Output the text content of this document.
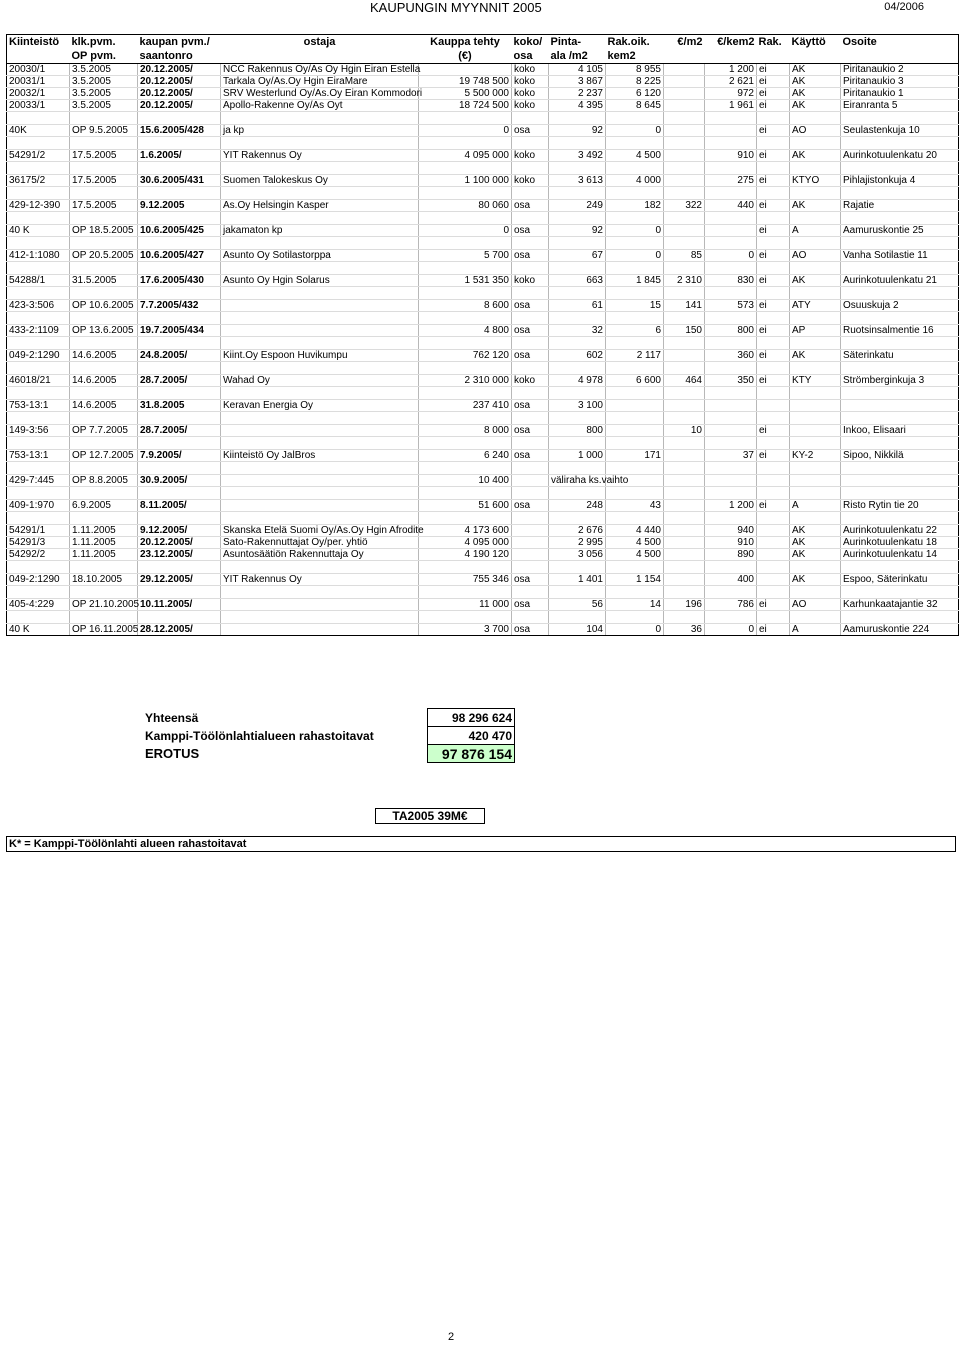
KAUPUNGIN MYYNNIT 2005	04/2006
Kiinteistö	klk.pvm.	kaupan pvm./	ostaja	Kauppa tehty	koko/	Pinta-	Rak.oik.	€/m2	€/kem2	Rak.	Käyttö	Osoite
	OP pvm.	saantonro		(€)	osa	ala /m2	kem2					
20030/1	3.5.2005	20.12.2005/	NCC Rakennus Oy/As Oy Hgin Eiran Estella		koko	4 105	8 955		1 200	ei	AK	Piritanaukio 2
20031/1	3.5.2005	20.12.2005/	Tarkala Oy/As.Oy Hgin EiraMare	19 748 500	koko	3 867	8 225		2 621	ei	AK	Piritanaukio 3
20032/1	3.5.2005	20.12.2005/	SRV Westerlund Oy/As.Oy Eiran Kommodori	5 500 000	koko	2 237	6 120		972	ei	AK	Piritanaukio 1
20033/1	3.5.2005	20.12.2005/	Apollo-Rakenne Oy/As Oyt	18 724 500	koko	4 395	8 645		1 961	ei	AK	Eiranranta 5

40K	OP 9.5.2005	15.6.2005/428	ja kp	0	osa	92	0			ei	AO	Seulastenkuja 10

54291/2	17.5.2005	1.6.2005/	YIT Rakennus Oy	4 095 000	koko	3 492	4 500		910	ei	AK	Aurinkotuulenkatu 20

36175/2	17.5.2005	30.6.2005/431	Suomen Talokeskus Oy	1 100 000	koko	3 613	4 000		275	ei	KTYO	Pihlajistonkuja 4

429-12-390	17.5.2005	9.12.2005	As.Oy Helsingin Kasper	80 060	osa	249	182	322	440	ei	AK	Rajatie

40 K	OP 18.5.2005	10.6.2005/425	jakamaton kp	0	osa	92	0			ei	A	Aamuruskontie 25

412-1:1080	OP 20.5.2005	10.6.2005/427	Asunto Oy Sotilastorppa	5 700	osa	67	0	85	0	ei	AO	Vanha Sotilastie 11

54288/1	31.5.2005	17.6.2005/430	Asunto Oy Hgin Solarus	1 531 350	koko	663	1 845	2 310	830	ei	AK	Aurinkotuulenkatu 21

423-3:506	OP 10.6.2005	7.7.2005/432		8 600	osa	61	15	141	573	ei	ATY	Osuuskuja 2

433-2:1109	OP 13.6.2005	19.7.2005/434		4 800	osa	32	6	150	800	ei	AP	Ruotsinsalmentie 16

049-2:1290	14.6.2005	24.8.2005/	Kiint.Oy Espoon Huvikumpu	762 120	osa	602	2 117		360	ei	AK	Säterinkatu

46018/21	14.6.2005	28.7.2005/	Wahad Oy	2 310 000	koko	4 978	6 600	464	350	ei	KTY	Strömberginkuja 3

753-13:1	14.6.2005	31.8.2005	Keravan Energia Oy	237 410	osa	3 100						

149-3:56	OP 7.7.2005	28.7.2005/		8 000	osa	800		10		ei		Inkoo, Elisaari

753-13:1	OP 12.7.2005	7.9.2005/	Kiinteistö Oy JalBros	6 240	osa	1 000	171		37	ei	KY-2	Sipoo, Nikkilä

429-7:445	OP 8.8.2005	30.9.2005/		10 400		väliraha ks.vaihto						

409-1:970	6.9.2005	8.11.2005/		51 600	osa	248	43		1 200	ei	A	Risto Rytin tie 20

54291/1	1.11.2005	9.12.2005/	Skanska Etelä Suomi Oy/As.Oy Hgin Afrodite	4 173 600		2 676	4 440		940		AK	Aurinkotuulenkatu 22
54291/3	1.11.2005	20.12.2005/	Sato-Rakennuttajat Oy/per. yhtiö	4 095 000		2 995	4 500		910		AK	Aurinkotuulenkatu 18
54292/2	1.11.2005	23.12.2005/	Asuntosäätiön Rakennuttaja Oy	4 190 120		3 056	4 500		890		AK	Aurinkotuulenkatu 14

049-2:1290	18.10.2005	29.12.2005/	YIT Rakennus Oy	755 346	osa	1 401	1 154		400		AK	Espoo, Säterinkatu

405-4:229	OP 21.10.2005	10.11.2005/		11 000	osa	56	14	196	786	ei	AO	Karhunkaatajantie 32

40 K	OP 16.11.2005	28.12.2005/		3 700	osa	104	0	36	0	ei	A	Aamuruskontie 224
Yhteensä	98 296 624
Kamppi-Töölönlahtialueen rahastoitavat	420 470
EROTUS	97 876 154
TA2005 39M€
K* = Kamppi-Töölönlahti alueen rahastoitavat
2
